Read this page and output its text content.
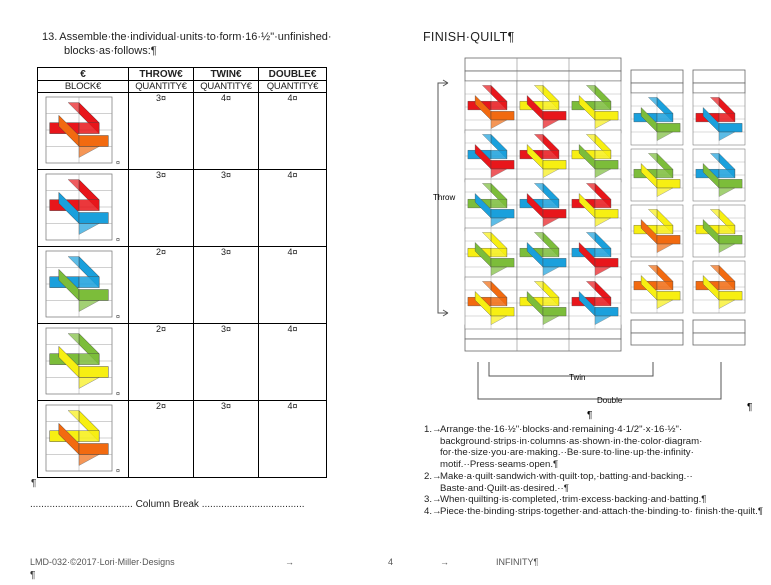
13. Assemble·the·individual·units·to·form·16·½"·unfinished·
blocks·as·follows:¶
€	THROW€	TWIN€	DOUBLE€
BLOCK€	QUANTITY€	QUANTITY€	QUANTITY€

¤	3¤	4¤	4¤

¤	3¤	3¤	4¤

¤	2¤	3¤	4¤

¤	2¤	3¤	4¤

¤	2¤	3¤	4¤
¶
..................................... Column Break .....................................
LMD-032·©2017·Lori·Miller·Designs
¶
FINISH·QUILT¶
Throw
Twin
Double
¶
¶
1.→
Arrange·the·16·½"·blocks·and·remaining·4·1/2"·x·16·½"· background·strips·in·columns·as·shown·in·the·color·diagram· for·the·size·you·are·making.··Be·sure·to·line·up·the·infinity· motif.··Press·seams·open.¶
2.→
Make·a·quilt·sandwich·with·quilt·top,·batting·and·backing.·· Baste·and·Quilt·as·desired.··¶
3.→
When·quilting·is·completed,·trim·excess·backing·and·batting.¶
4.→
Piece·the·binding·strips·together·and·attach·the·binding·to· finish·the·quilt.¶
→	4	→	INFINITY¶
